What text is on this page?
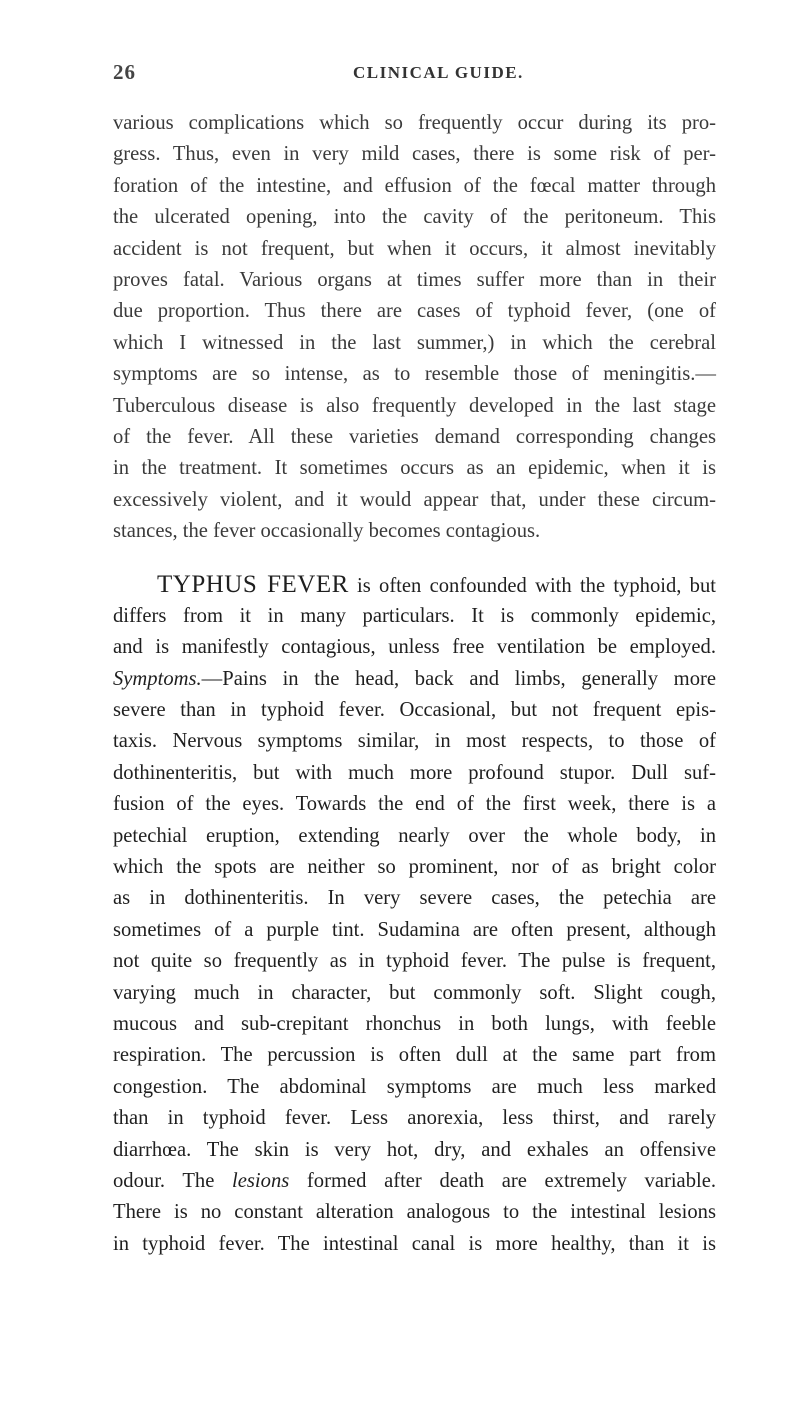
26	CLINICAL GUIDE.

various complications which so frequently occur during its pro-
gress. Thus, even in very mild cases, there is some risk of per-
foration of the intestine, and effusion of the fœcal matter through
the ulcerated opening, into the cavity of the peritoneum. This
accident is not frequent, but when it occurs, it almost inevitably
proves fatal. Various organs at times suffer more than in their
due proportion. Thus there are cases of typhoid fever, (one of
which I witnessed in the last summer,) in which the cerebral
symptoms are so intense, as to resemble those of meningitis.—
Tuberculous disease is also frequently developed in the last stage
of the fever. All these varieties demand corresponding changes
in the treatment. It sometimes occurs as an epidemic, when it is
excessively violent, and it would appear that, under these circum-
stances, the fever occasionally becomes contagious.

TYPHUS FEVER is often confounded with the typhoid, but
differs from it in many particulars. It is commonly epidemic,
and is manifestly contagious, unless free ventilation be employed.
Symptoms.—Pains in the head, back and limbs, generally more
severe than in typhoid fever. Occasional, but not frequent epis-
taxis. Nervous symptoms similar, in most respects, to those of
dothinenteritis, but with much more profound stupor. Dull suf-
fusion of the eyes. Towards the end of the first week, there is a
petechial eruption, extending nearly over the whole body, in
which the spots are neither so prominent, nor of as bright color
as in dothinenteritis. In very severe cases, the petechia are
sometimes of a purple tint. Sudamina are often present, although
not quite so frequently as in typhoid fever. The pulse is frequent,
varying much in character, but commonly soft. Slight cough,
mucous and sub-crepitant rhonchus in both lungs, with feeble
respiration. The percussion is often dull at the same part from
congestion. The abdominal symptoms are much less marked
than in typhoid fever. Less anorexia, less thirst, and rarely
diarrhœa. The skin is very hot, dry, and exhales an offensive
odour. The lesions formed after death are extremely variable.
There is no constant alteration analogous to the intestinal lesions
in typhoid fever. The intestinal canal is more healthy, than it is
